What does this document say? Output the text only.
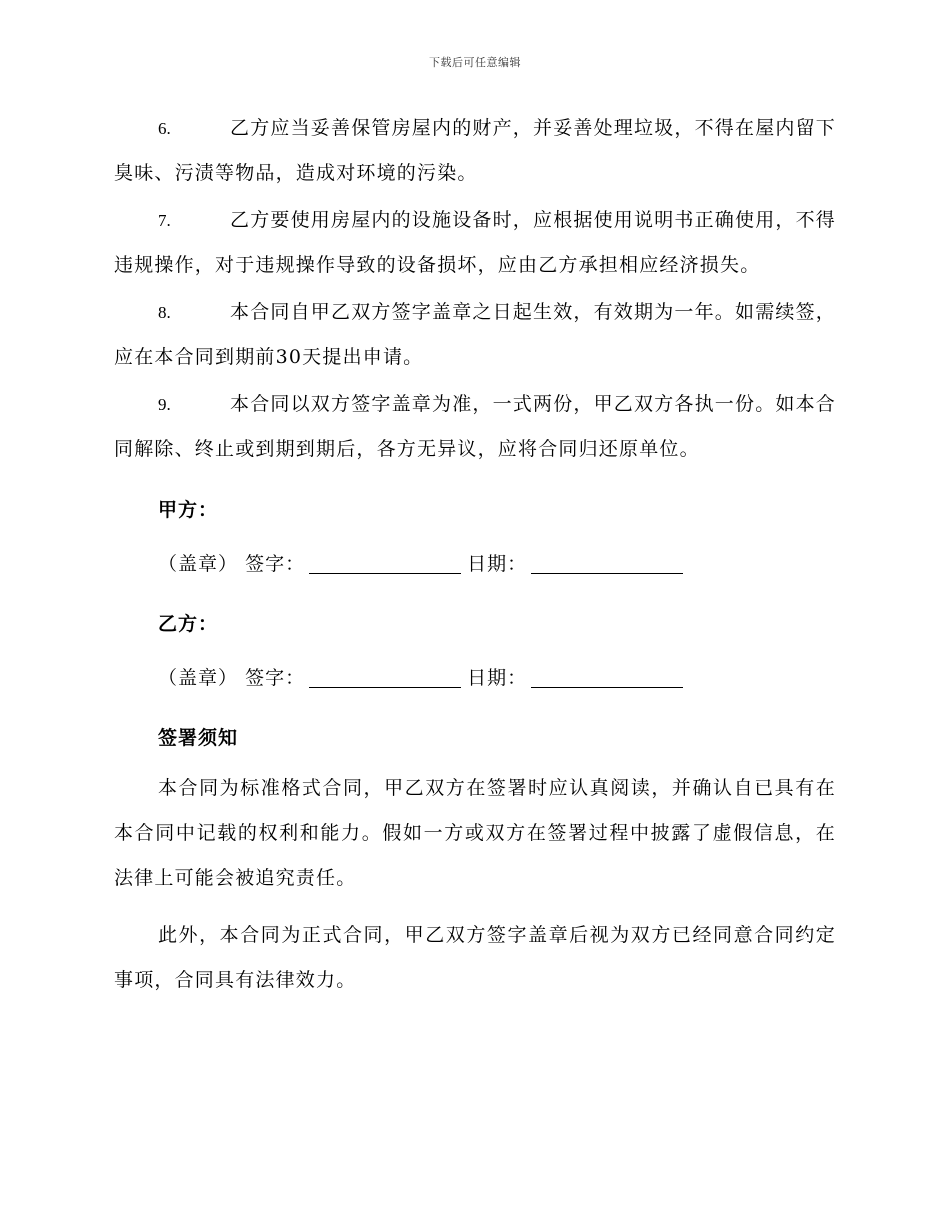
下载后可任意编辑

6.	乙方应当妥善保管房屋内的财产，并妥善处理垃圾，不得在屋内留下臭味、污渍等物品，造成对环境的污染。

7.	乙方要使用房屋内的设施设备时，应根据使用说明书正确使用，不得违规操作，对于违规操作导致的设备损坏，应由乙方承担相应经济损失。

8.	本合同自甲乙双方签字盖章之日起生效，有效期为一年。如需续签，应在本合同到期前30天提出申请。

9.	本合同以双方签字盖章为准，一式两份，甲乙双方各执一份。如本合同解除、终止或到期到期后，各方无异议，应将合同归还原单位。

甲方：
（盖章） 签字：	日期：
乙方：
（盖章） 签字：	日期：
签署须知

本合同为标准格式合同，甲乙双方在签署时应认真阅读，并确认自已具有在本合同中记载的权利和能力。假如一方或双方在签署过程中披露了虚假信息，在法律上可能会被追究责任。

此外，本合同为正式合同，甲乙双方签字盖章后视为双方已经同意合同约定事项，合同具有法律效力。
